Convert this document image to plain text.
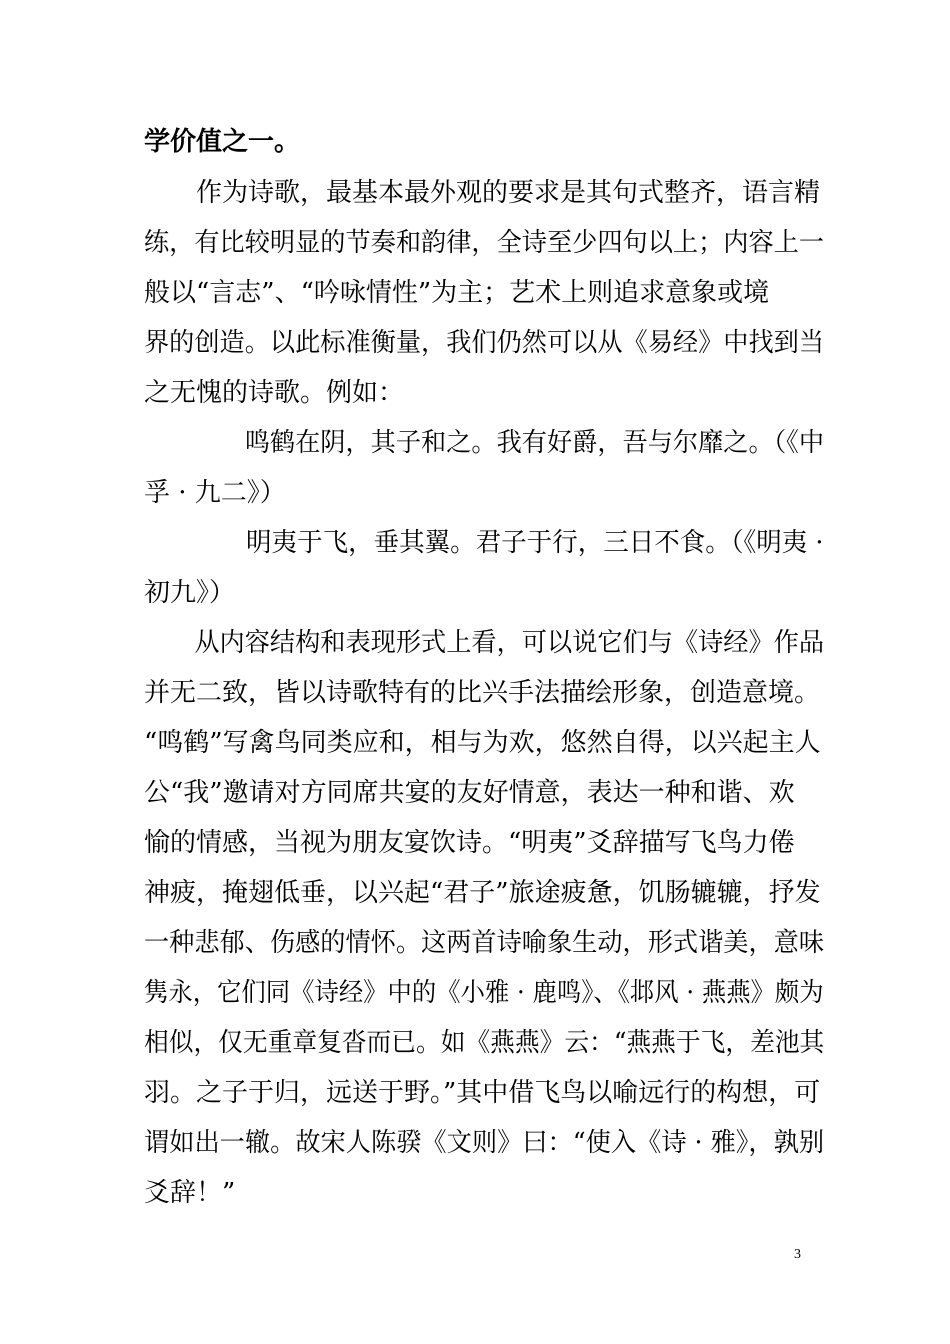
学价值之一。
　　作为诗歌，最基本最外观的要求是其句式整齐，语言精
练，有比较明显的节奏和韵律，全诗至少四句以上；内容上一
般以“言志”、“吟咏情性”为主；艺术上则追求意象或境
界的创造。以此标准衡量，我们仍然可以从《易经》中找到当
之无愧的诗歌。例如：
　　　　鸣鹤在阴，其子和之。我有好爵，吾与尔靡之。（《中
孚 · 九二》）
　　　　明夷于飞，垂其翼。君子于行，三日不食。（《明夷 ·
初九》）
　　从内容结构和表现形式上看，可以说它们与《诗经》作品
并无二致，皆以诗歌特有的比兴手法描绘形象，创造意境。
“鸣鹤”写禽鸟同类应和，相与为欢，悠然自得，以兴起主人
公“我”邀请对方同席共宴的友好情意，表达一种和谐、欢
愉的情感，当视为朋友宴饮诗。“明夷”爻辞描写飞鸟力倦
神疲，掩翅低垂，以兴起“君子”旅途疲惫，饥肠辘辘，抒发
一种悲郁、伤感的情怀。这两首诗喻象生动，形式谐美，意味
隽永，它们同《诗经》中的《小雅 · 鹿鸣》、《邶风 · 燕燕》颇为
相似，仅无重章复沓而已。如《燕燕》云：“燕燕于飞，差池其
羽。之子于归，远送于野。”其中借飞鸟以喻远行的构想，可
谓如出一辙。故宋人陈骙《文则》曰：“使入《诗 · 雅》，孰别
爻辞！”
3
